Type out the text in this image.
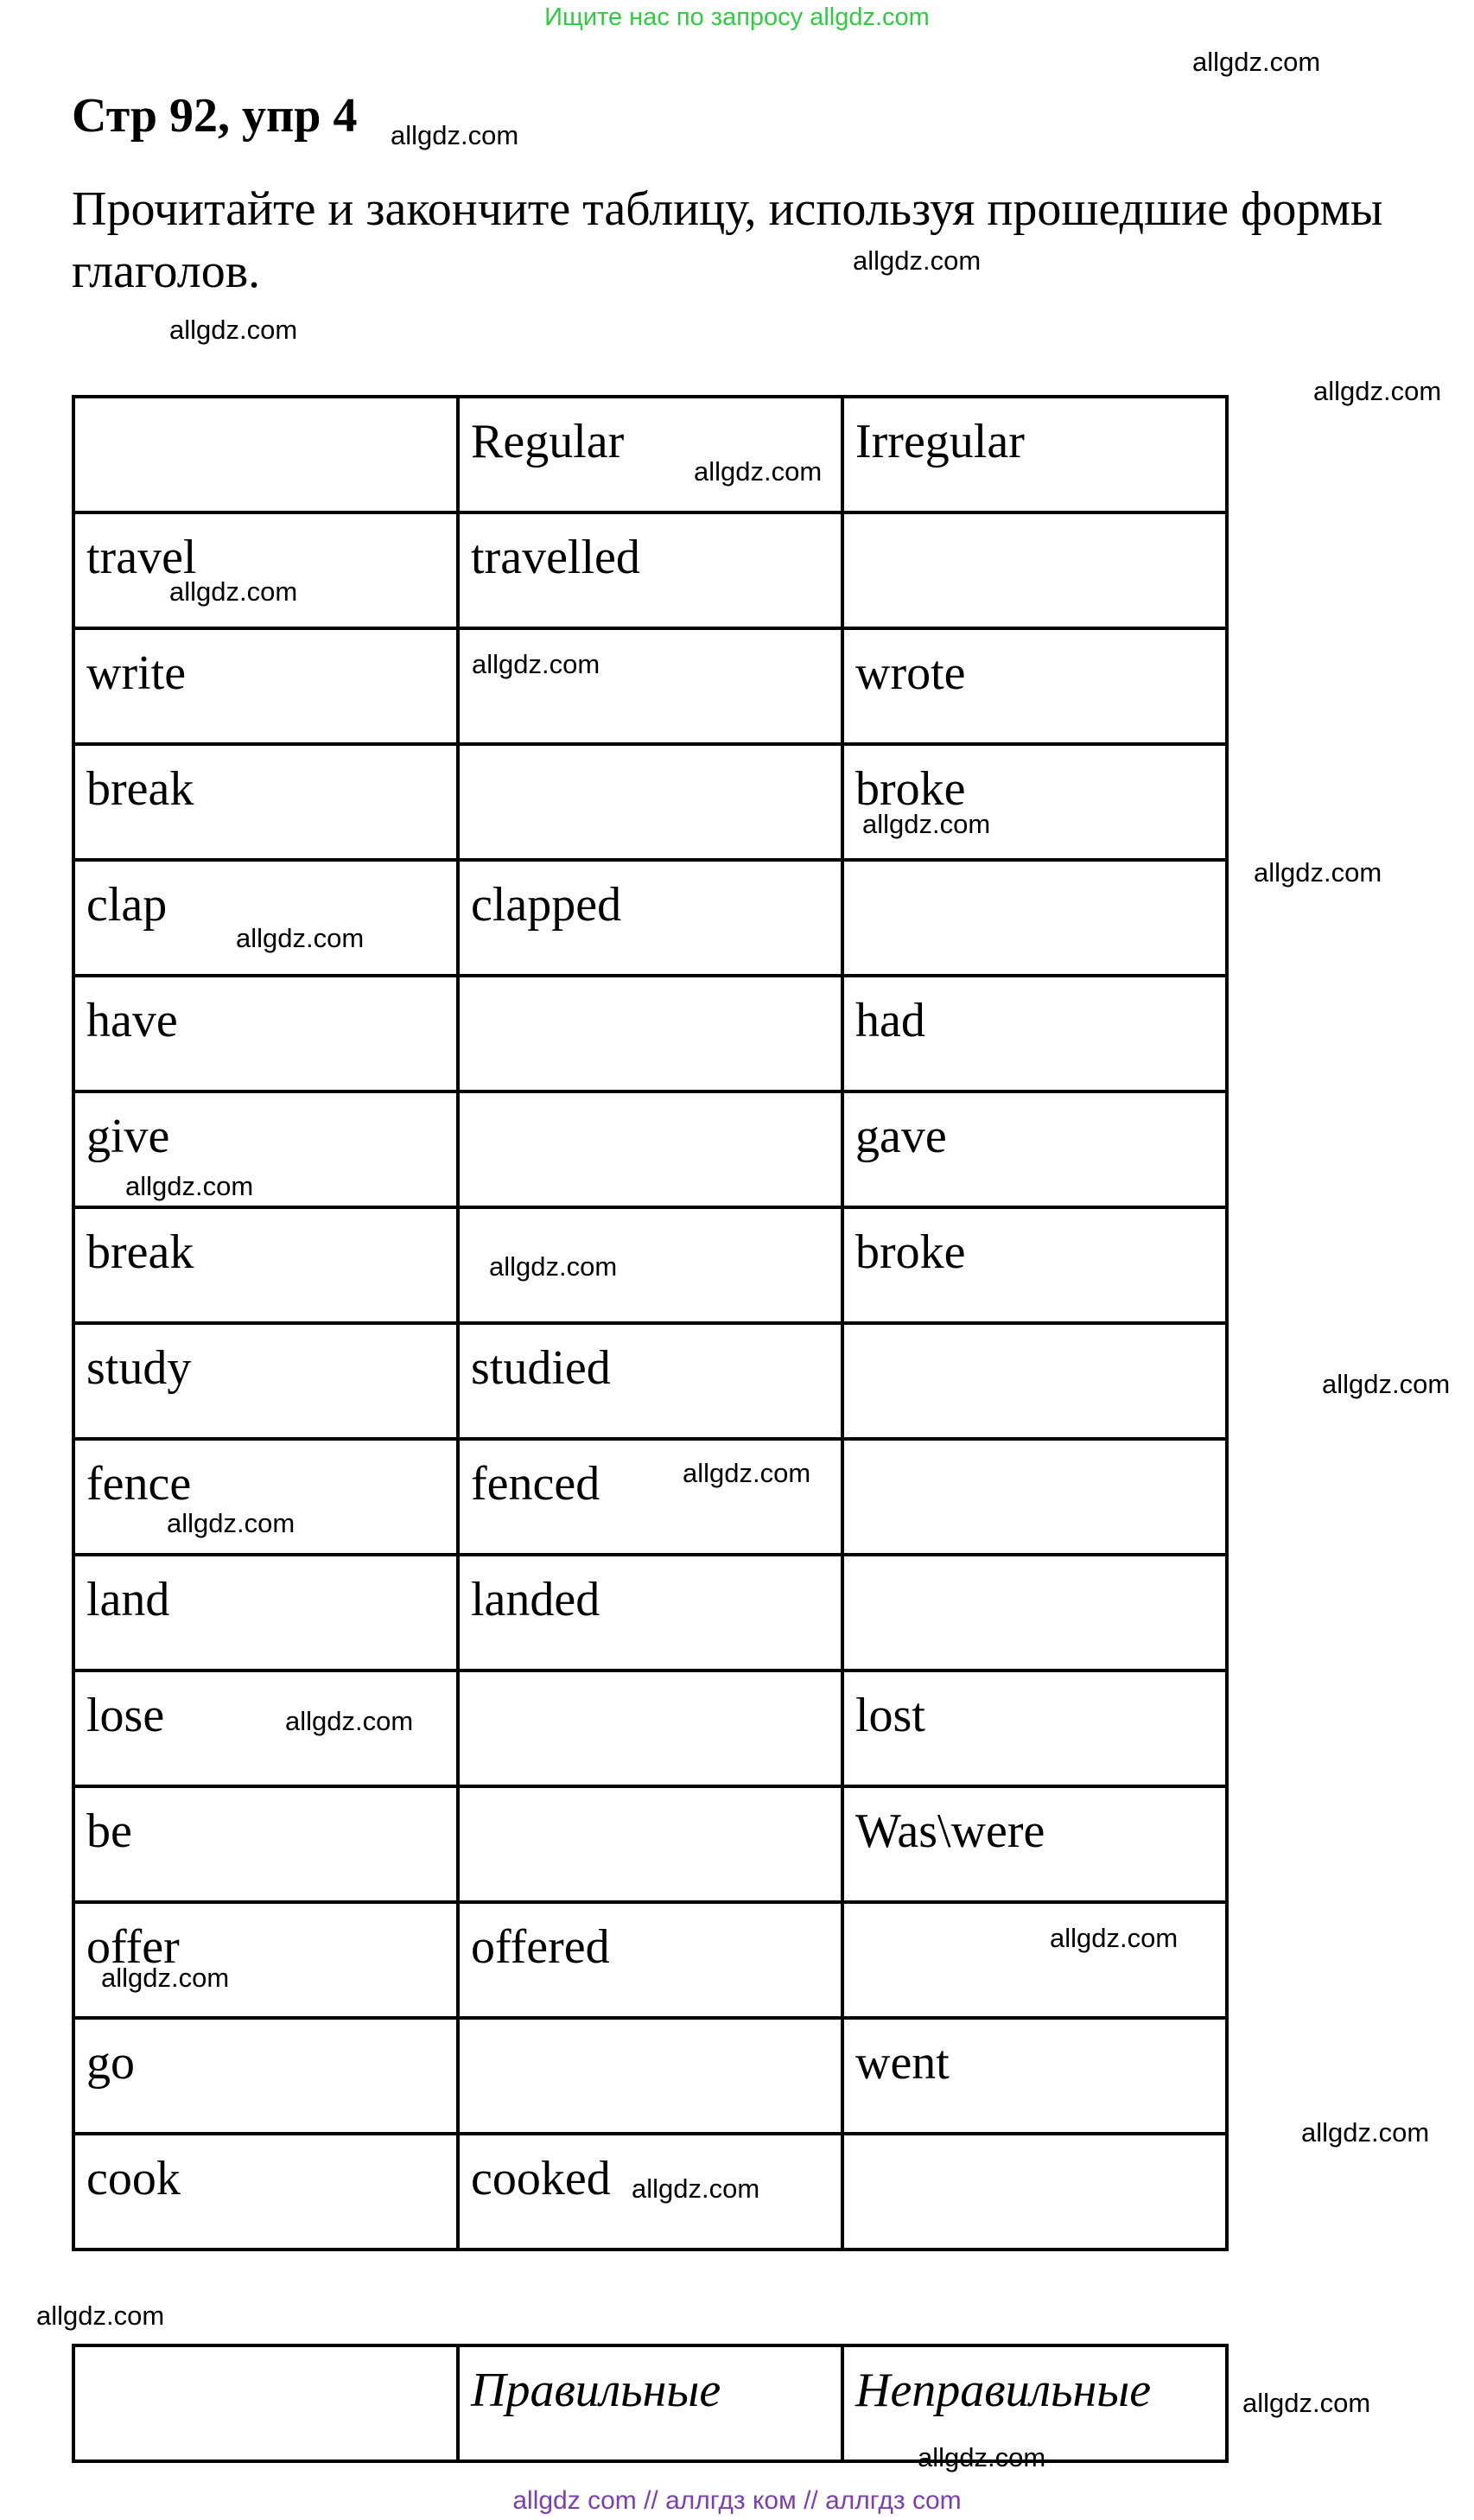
Ищите нас по запросу allgdz.com
Стр 92, упр 4
Прочитайте и закончите таблицу, используя прошедшие формы глаголов.
	Regular	Irregular
travel	travelled	
write		wrote
break		broke
clap	clapped	
have		had
give		gave
break		broke
study	studied	
fence	fenced	
land	landed	
lose		lost
be		Was\were
offer	offered	
go		went
cook	cooked	
	Правильные	Неправильные
allgdz.com
allgdz.com
allgdz.com
allgdz.com
allgdz.com
allgdz.com
allgdz.com
allgdz.com
allgdz.com
allgdz.com
allgdz.com
allgdz.com
allgdz.com
allgdz.com
allgdz.com
allgdz.com
allgdz.com
allgdz.com
allgdz.com
allgdz.com
allgdz.com
allgdz.com
allgdz.com
allgdz.com
allgdz com // аллгдз ком // аллгдз com
